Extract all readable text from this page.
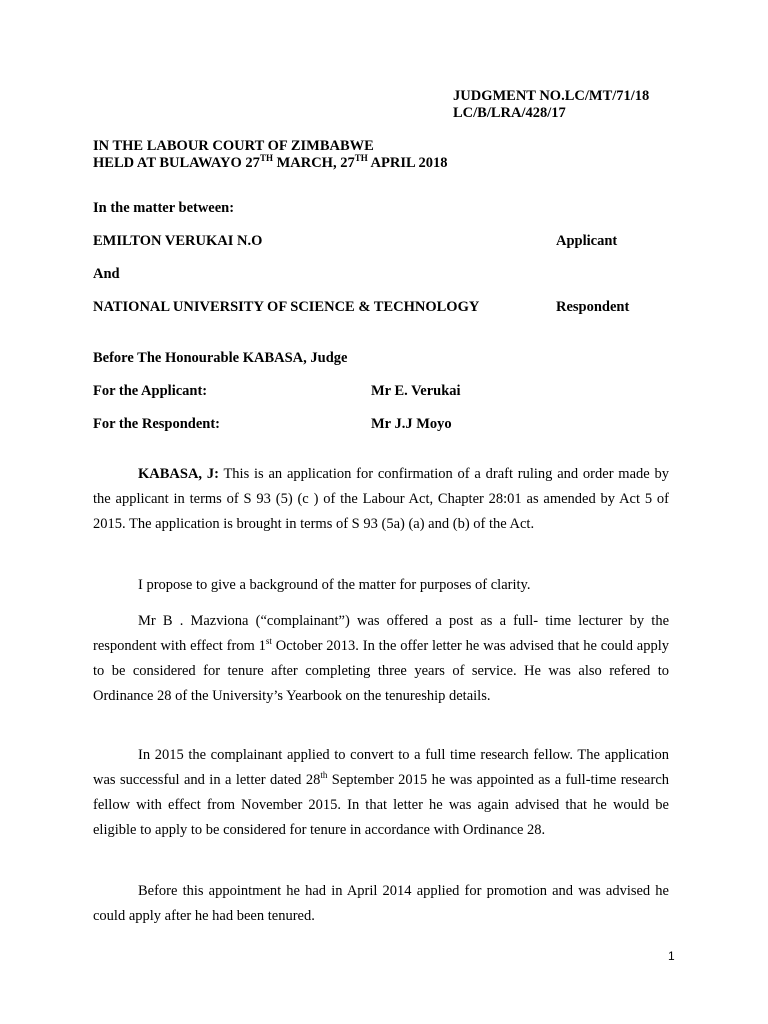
JUDGMENT NO.LC/MT/71/18
LC/B/LRA/428/17
IN THE LABOUR COURT OF ZIMBABWE
HELD AT BULAWAYO 27TH MARCH, 27TH APRIL 2018
In the matter between:
EMILTON VERUKAI N.O	Applicant
And
NATIONAL UNIVERSITY OF SCIENCE & TECHNOLOGY	Respondent
Before The Honourable KABASA, Judge
For the Applicant:	Mr E. Verukai
For the Respondent:	Mr J.J Moyo
KABASA, J: This is an application for confirmation of a draft ruling and order made by the applicant in terms of S 93 (5) (c ) of the Labour Act, Chapter 28:01 as amended by Act 5 of 2015. The application is brought in terms of S 93 (5a) (a) and (b) of the Act.
I propose to give a background of the matter for purposes of clarity.
Mr B . Mazviona (“complainant”) was offered a post as a full- time lecturer by the respondent with effect from 1st October 2013. In the offer letter he was advised that he could apply to be considered for tenure after completing three years of service. He was also refered to Ordinance 28 of the University’s Yearbook on the tenureship details.
In 2015 the complainant applied to convert to a full time research fellow. The application was successful and in a letter dated 28th September 2015 he was appointed as a full-time research fellow with effect from November 2015. In that letter he was again advised that he would be eligible to apply to be considered for tenure in accordance with Ordinance 28.
Before this appointment he had in April 2014 applied for promotion and was advised he could apply after he had been tenured.
1
